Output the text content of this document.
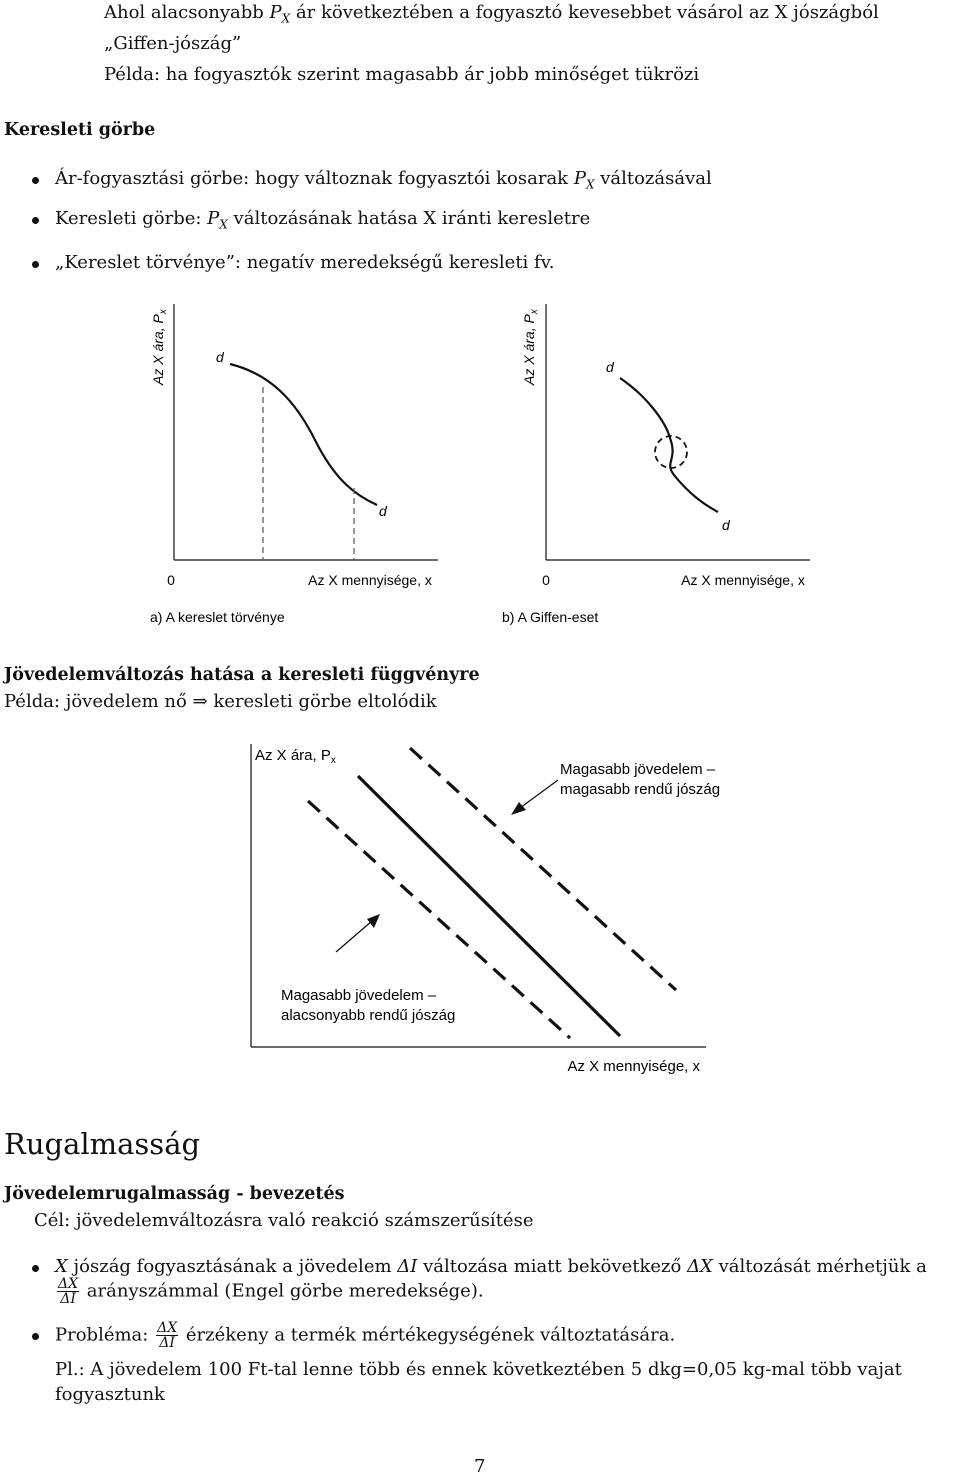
Ahol alacsonyabb $P_X$ ár következtében a fogyasztó kevesebbet vásárol az X jószágból
„Giffen-jószág”
Példa: ha fogyasztók szerint magasabb ár jobb minőséget tükrözi
Keresleti görbe
Ár-fogyasztási görbe: hogy változnak fogyasztói kosarak $P_X$ változásával
Keresleti görbe: $P_X$ változásának hatása X iránti keresletre
„Kereslet törvénye”: negatív meredekségű keresleti fv.
Az X ára, $P_x$
d
d
0	Az X mennyisége, x
a) A kereslet törvénye
Az X ára, $P_x$
d
d
0	Az X mennyisége, x
b) A Giffen-eset
Jövedelemváltozás hatása a keresleti függvényre
Példa: jövedelem nő ⇒ keresleti görbe eltolódik
Az X ára, $P_x$
Az X mennyisége, x
Magasabb jövedelem – magasabb rendű jószág
Magasabb jövedelem – alacsonyabb rendű jószág
Rugalmasság
Jövedelemrugalmasság - bevezetés
Cél: jövedelemváltozásra való reakció számszerűsítése
X jószág fogyasztásának a jövedelem ΔI változása miatt bekövetkező ΔX változását mérhetjük a
$\frac{\Delta X}{\Delta I}$ arányszámmal (Engel görbe meredeksége).
Probléma: $\frac{\Delta X}{\Delta I}$ érzékeny a termék mértékegységének változtatására.
Pl.: A jövedelem 100 Ft-tal lenne több és ennek következtében 5 dkg=0,05 kg-mal több vajat
fogyasztunk
7
